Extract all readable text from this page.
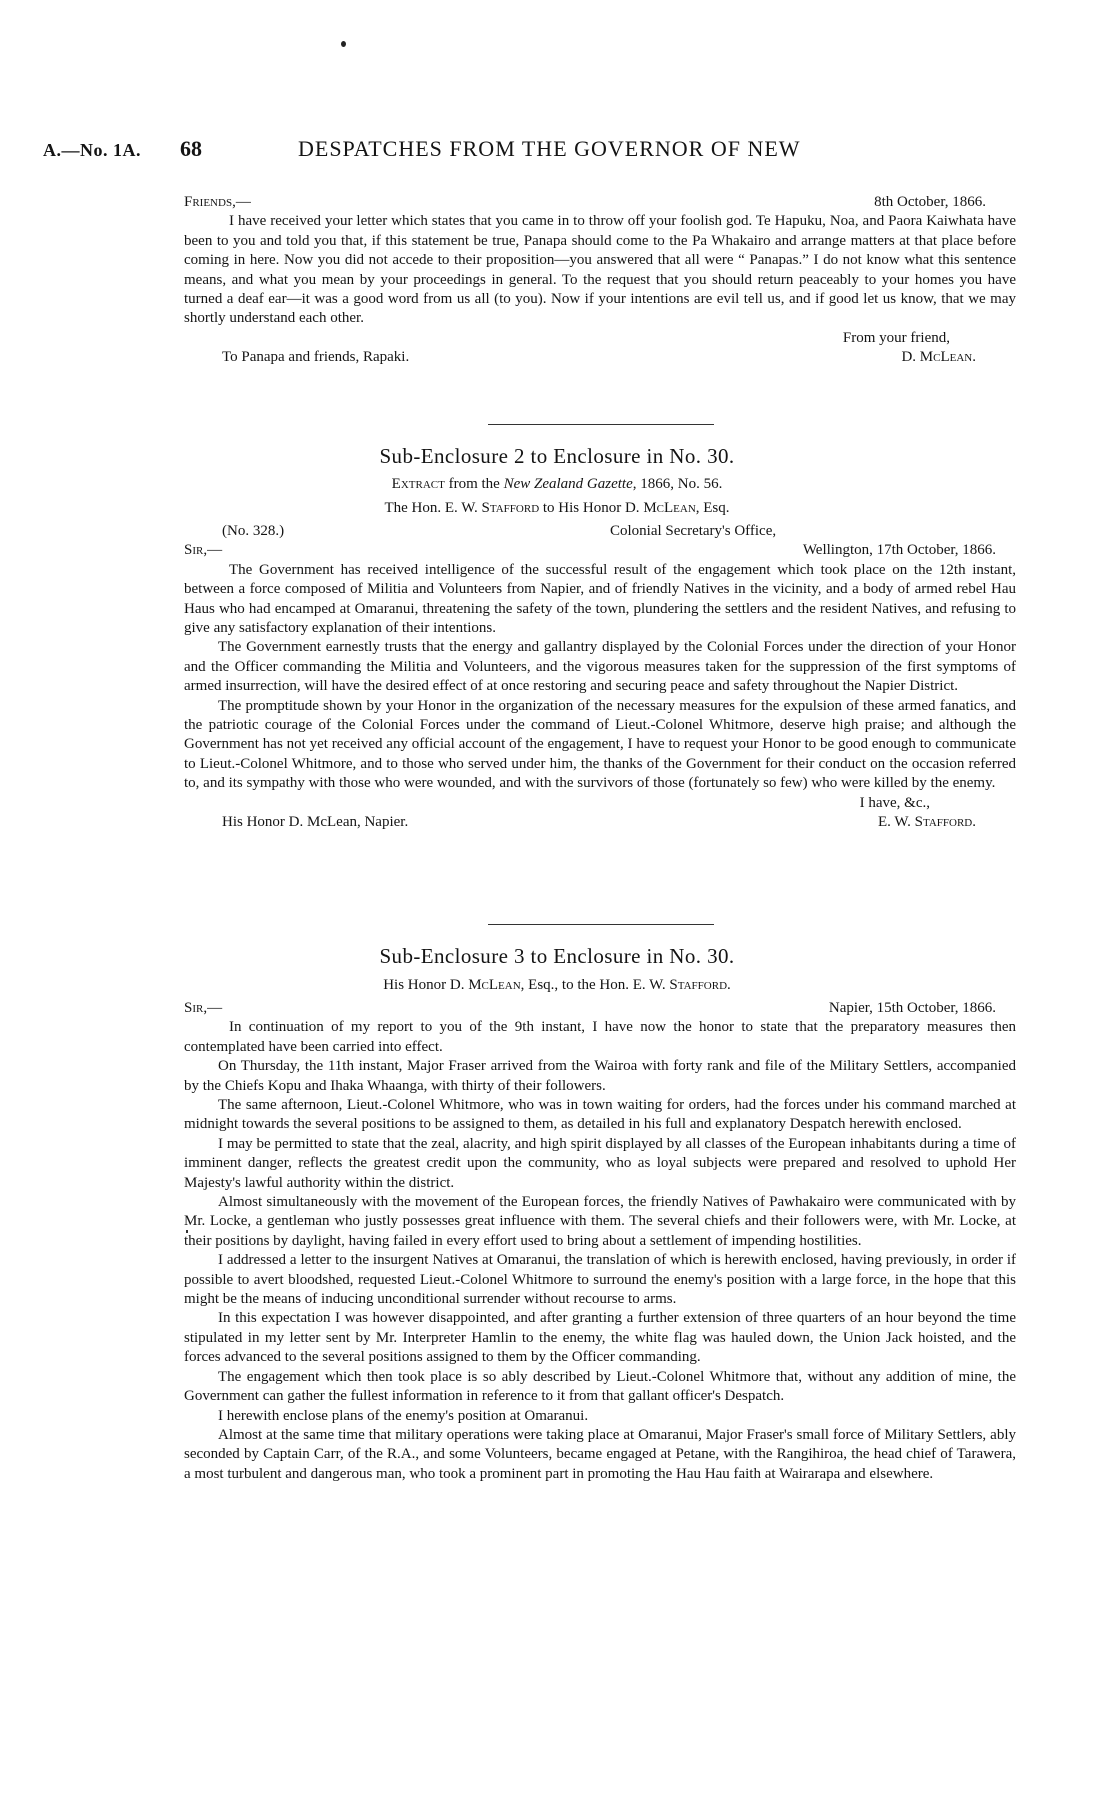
A.—No. 1A. 68	DESPATCHES FROM THE GOVERNOR OF NEW
Friends,—	8th October, 1866.

I have received your letter which states that you came in to throw off your foolish god. Te Hapuku, Noa, and Paora Kaiwhata have been to you and told you that, if this statement be true, Panapa should come to the Pa Whakairo and arrange matters at that place before coming in here. Now you did not accede to their proposition—you answered that all were “ Panapas.” I do not know what this sentence means, and what you mean by your proceedings in general. To the request that you should return peaceably to your homes you have turned a deaf ear—it was a good word from us all (to you). Now if your intentions are evil tell us, and if good let us know, that we may shortly understand each other.

From your friend,
To Panapa and friends, Rapaki.	D. McLean.
Sub-Enclosure 2 to Enclosure in No. 30.
Extract from the New Zealand Gazette, 1866, No. 56.
The Hon. E. W. Stafford to His Honor D. McLean, Esq.
(No. 328.)	Colonial Secretary's Office,
Sir,—	Wellington, 17th October, 1866.

The Government has received intelligence of the successful result of the engagement which took place on the 12th instant, between a force composed of Militia and Volunteers from Napier, and of friendly Natives in the vicinity, and a body of armed rebel Hau Haus who had encamped at Omaranui, threatening the safety of the town, plundering the settlers and the resident Natives, and refusing to give any satisfactory explanation of their intentions.

The Government earnestly trusts that the energy and gallantry displayed by the Colonial Forces under the direction of your Honor and the Officer commanding the Militia and Volunteers, and the vigorous measures taken for the suppression of the first symptoms of armed insurrection, will have the desired effect of at once restoring and securing peace and safety throughout the Napier District.

The promptitude shown by your Honor in the organization of the necessary measures for the expulsion of these armed fanatics, and the patriotic courage of the Colonial Forces under the command of Lieut.-Colonel Whitmore, deserve high praise; and although the Government has not yet received any official account of the engagement, I have to request your Honor to be good enough to communicate to Lieut.-Colonel Whitmore, and to those who served under him, the thanks of the Government for their conduct on the occasion referred to, and its sympathy with those who were wounded, and with the survivors of those (fortunately so few) who were killed by the enemy.

I have, &c.,
His Honor D. McLean, Napier.	E. W. Stafford.
Sub-Enclosure 3 to Enclosure in No. 30.
His Honor D. McLean, Esq., to the Hon. E. W. Stafford.
Sir,—	Napier, 15th October, 1866.

In continuation of my report to you of the 9th instant, I have now the honor to state that the preparatory measures then contemplated have been carried into effect.

On Thursday, the 11th instant, Major Fraser arrived from the Wairoa with forty rank and file of the Military Settlers, accompanied by the Chiefs Kopu and Ihaka Whaanga, with thirty of their followers.

The same afternoon, Lieut.-Colonel Whitmore, who was in town waiting for orders, had the forces under his command marched at midnight towards the several positions to be assigned to them, as detailed in his full and explanatory Despatch herewith enclosed.

I may be permitted to state that the zeal, alacrity, and high spirit displayed by all classes of the European inhabitants during a time of imminent danger, reflects the greatest credit upon the community, who as loyal subjects were prepared and resolved to uphold Her Majesty's lawful authority within the district.

Almost simultaneously with the movement of the European forces, the friendly Natives of Pawhakairo were communicated with by Mr. Locke, a gentleman who justly possesses great influence with them. The several chiefs and their followers were, with Mr. Locke, at their positions by daylight, having failed in every effort used to bring about a settlement of impending hostilities.

I addressed a letter to the insurgent Natives at Omaranui, the translation of which is herewith enclosed, having previously, in order if possible to avert bloodshed, requested Lieut.-Colonel Whitmore to surround the enemy's position with a large force, in the hope that this might be the means of inducing unconditional surrender without recourse to arms.

In this expectation I was however disappointed, and after granting a further extension of three quarters of an hour beyond the time stipulated in my letter sent by Mr. Interpreter Hamlin to the enemy, the white flag was hauled down, the Union Jack hoisted, and the forces advanced to the several positions assigned to them by the Officer commanding.

The engagement which then took place is so ably described by Lieut.-Colonel Whitmore that, without any addition of mine, the Government can gather the fullest information in reference to it from that gallant officer's Despatch.

I herewith enclose plans of the enemy's position at Omaranui.

Almost at the same time that military operations were taking place at Omaranui, Major Fraser's small force of Military Settlers, ably seconded by Captain Carr, of the R.A., and some Volunteers, became engaged at Petane, with the Rangihiroa, the head chief of Tarawera, a most turbulent and dangerous man, who took a prominent part in promoting the Hau Hau faith at Wairarapa and elsewhere.
